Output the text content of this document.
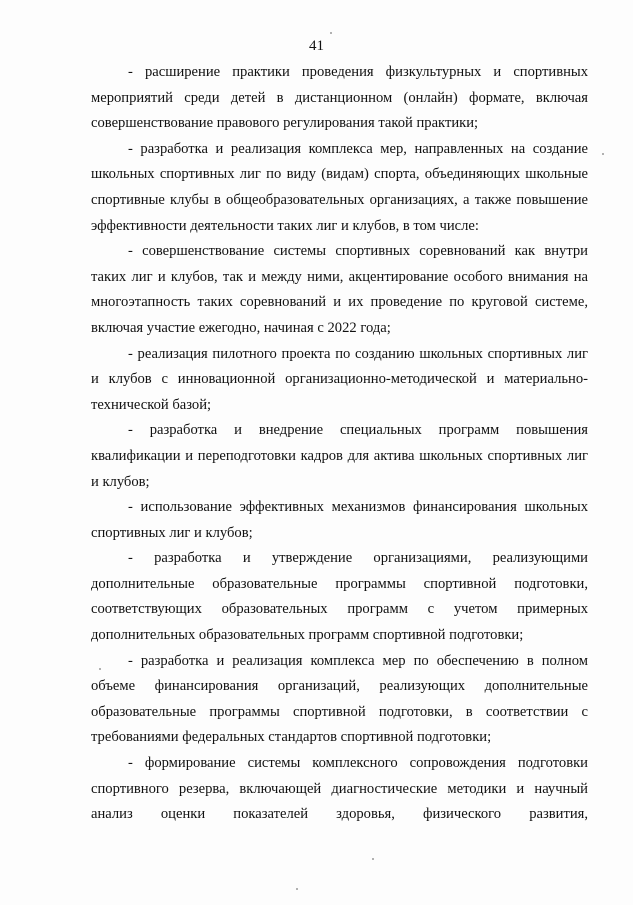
41

- расширение практики проведения физкультурных и спортивных мероприятий среди детей в дистанционном (онлайн) формате, включая совершенствование правового регулирования такой практики;

- разработка и реализация комплекса мер, направленных на создание школьных спортивных лиг по виду (видам) спорта, объединяющих школьные спортивные клубы в общеобразовательных организациях, а также повышение эффективности деятельности таких лиг и клубов, в том числе:

- совершенствование системы спортивных соревнований как внутри таких лиг и клубов, так и между ними, акцентирование особого внимания на многоэтапность таких соревнований и их проведение по круговой системе, включая участие ежегодно, начиная с 2022 года;

- реализация пилотного проекта по созданию школьных спортивных лиг и клубов с инновационной организационно-методической и материально-технической базой;

- разработка и внедрение специальных программ повышения квалификации и переподготовки кадров для актива школьных спортивных лиг и клубов;

- использование эффективных механизмов финансирования школьных спортивных лиг и клубов;

- разработка и утверждение организациями, реализующими дополнительные образовательные программы спортивной подготовки, соответствующих образовательных программ с учетом примерных дополнительных образовательных программ спортивной подготовки;

- разработка и реализация комплекса мер по обеспечению в полном объеме финансирования организаций, реализующих дополнительные образовательные программы спортивной подготовки, в соответствии с требованиями федеральных стандартов спортивной подготовки;

- формирование системы комплексного сопровождения подготовки спортивного резерва, включающей диагностические методики и научный анализ оценки показателей здоровья, физического развития,
